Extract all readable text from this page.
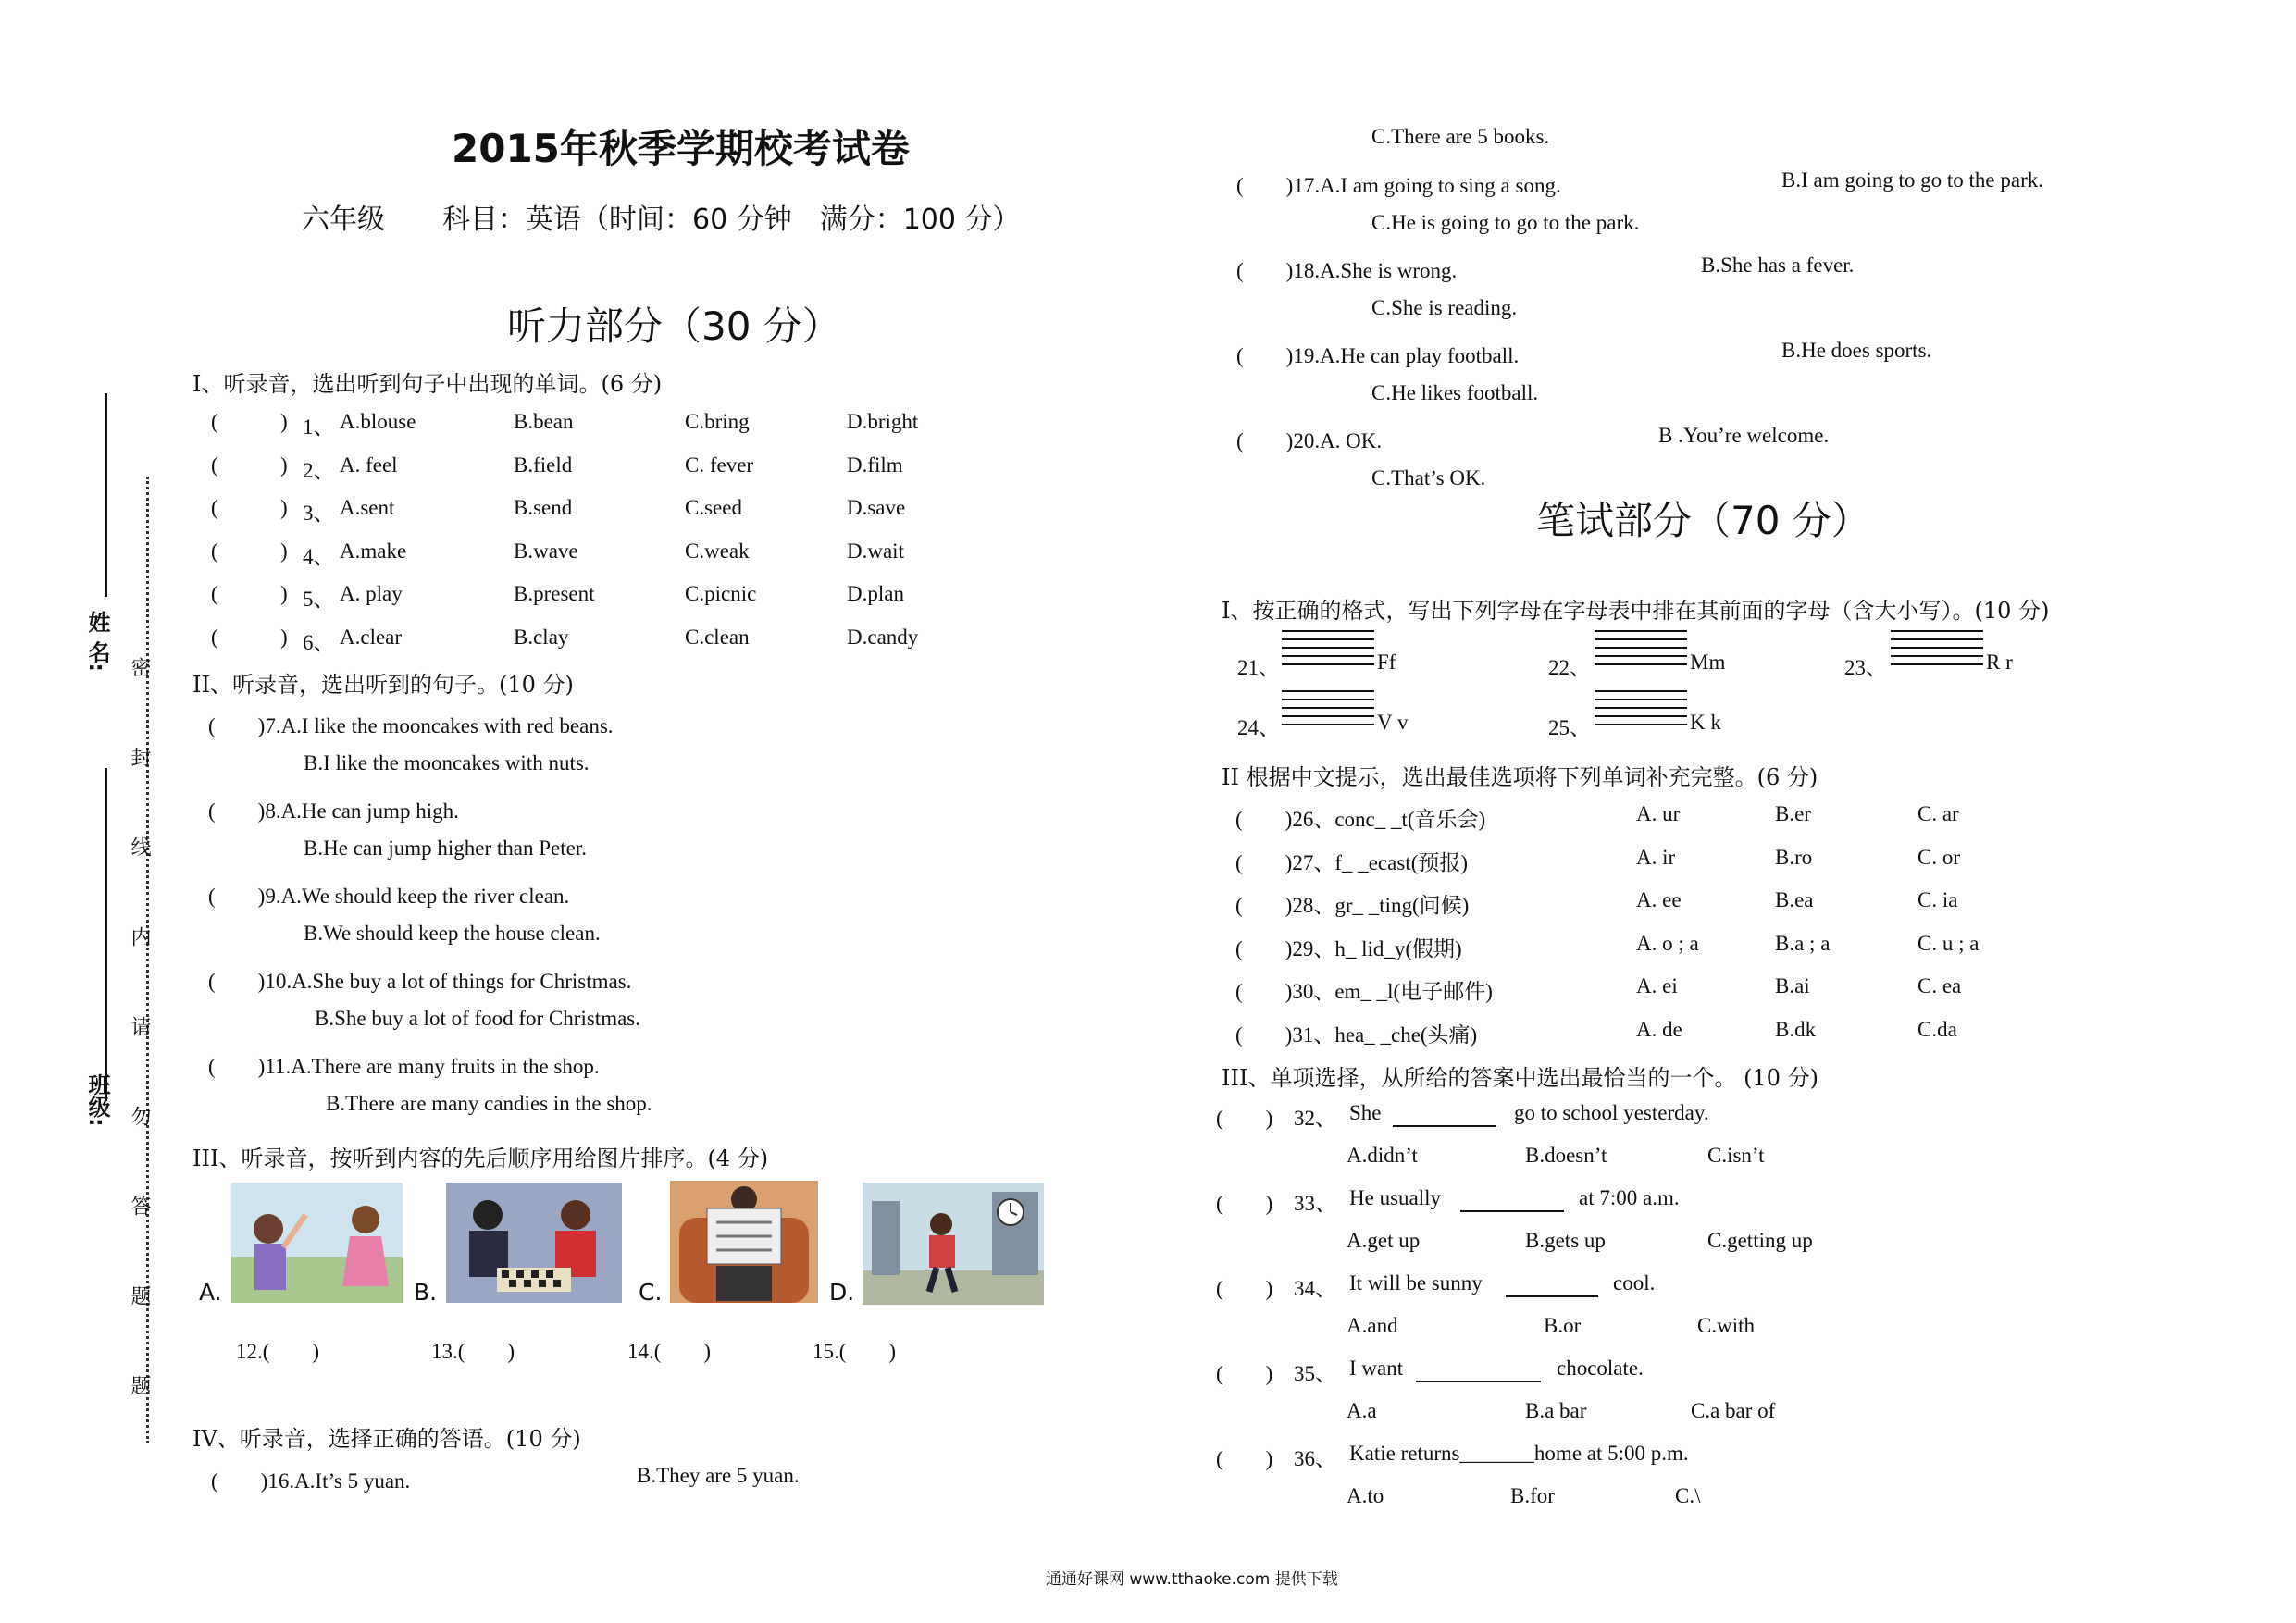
姓 名:
班级: 密 封 线 内 请 勿 答 题 题
2015年秋季学期校考试卷
六年级 科目：英语（时间：60 分钟　满分：100 分）
听力部分（30 分）
Ⅰ、听录音，选出听到句子中出现的单词。(6 分)
(	) 1、 A.blouse	B.bean	C.bring	D.bright
(	) 2、 A. feel	B.field	C. fever	D.film
(	) 3、 A.sent	B.send	C.seed	D.save
(	) 4、 A.make	B.wave	C.weak	D.wait
(	) 5、 A. play	B.present	C.picnic	D.plan
(	) 6、 A.clear	B.clay	C.clean	D.candy
II、听录音，选出听到的句子。(10 分)
(　　)7.A.I like the mooncakes with red beans.
B.I like the mooncakes with nuts.
(　　)8.A.He can jump high.
B.He can jump higher than Peter.
(　　)9.A.We should keep the river clean.
B.We should keep the house clean.
(　　)10.A.She buy a lot of things for Christmas.
B.She buy a lot of food for Christmas.
(　　)11.A.There are many fruits in the shop.
B.There are many candies in the shop.
III、听录音，按听到内容的先后顺序用给图片排序。(4 分)
A.	B.	C.	D.
12.(　　)	13.(　　)	14.(　　)	15.(　　)
IV、听录音，选择正确的答语。(10 分)
(　　)16.A.It’s 5 yuan.	B.They are 5 yuan.
C.There are 5 books.
(　　)17.A.I am going to sing a song.	B.I am going to go to the park.
C.He is going to go to the park.
(　　)18.A.She is wrong.	B.She has a fever.
C.She is reading.
(　　)19.A.He can play football.	B.He does sports.
C.He likes football.
(　　)20.A. OK.	B .You’re welcome.
C.That’s OK.
笔试部分（70 分）
Ⅰ、按正确的格式，写出下列字母在字母表中排在其前面的字母（含大小写）。(10 分)
21、	Ff	22、	Mm	23、	R r
24、	V v	25、	K k
II 根据中文提示，选出最佳选项将下列单词补充完整。(6 分)
(　　)26、conc_ _t(音乐会)	A. ur	B.er	C. ar
(　　)27、f_ _ecast(预报)	A. ir	B.ro	C. or
(　　)28、gr_ _ting(问候)	A. ee	B.ea	C. ia
(　　)29、h_ lid_y(假期)	A. o ; a	B.a ; a	C. u ; a
(　　)30、em_ _l(电子邮件)	A. ei	B.ai	C. ea
(　　)31、hea_ _che(头痛)	A. de	B.dk	C.da
III、单项选择，从所给的答案中选出最恰当的一个。 (10 分)
(　　) 32、 She	go to school yesterday.
A.didn’t	B.doesn’t	C.isn’t
(　　) 33、 He usually	at 7:00 a.m.
A.get up	B.gets up	C.getting up
(　　) 34、 It will be sunny	cool.
A.and	B.or	C.with
(　　) 35、 I want	chocolate.
A.a	B.a bar	C.a bar of
(　　) 36、 Katie returns_______home at 5:00 p.m.
A.to	B.for	C.\
通通好课网 www.tthaoke.com 提供下载
